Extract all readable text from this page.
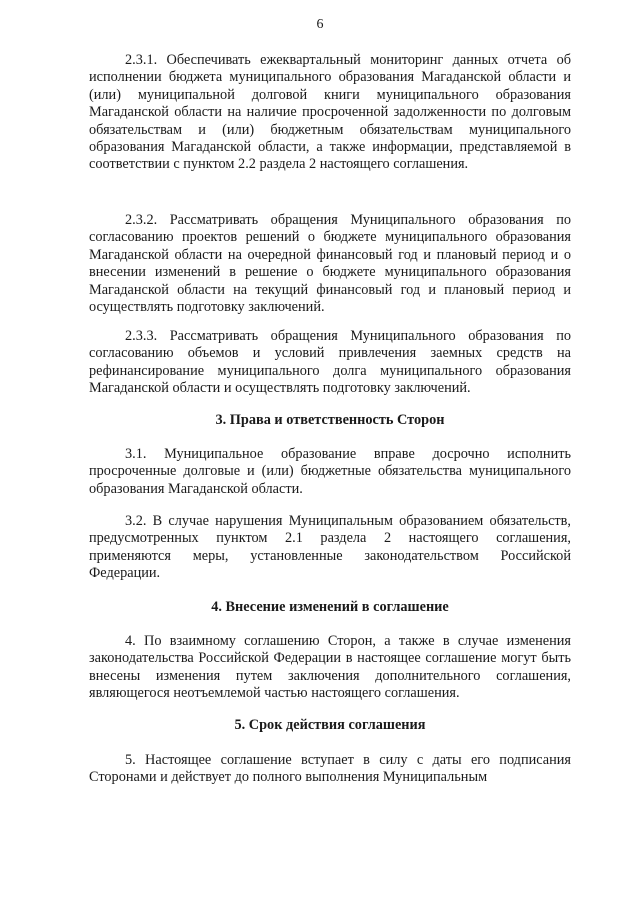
6

2.3.1. Обеспечивать ежеквартальный мониторинг данных отчета об исполнении бюджета муниципального образования Магаданской области и (или) муниципальной долговой книги муниципального образования Магаданской области на наличие просроченной задолженности по долговым обязательствам и (или) бюджетным обязательствам муниципального образования Магаданской области, а также информации, представляемой в соответствии с пунктом 2.2 раздела 2 настоящего соглашения.

2.3.2. Рассматривать обращения Муниципального образования по согласованию проектов решений о бюджете муниципального образования Магаданской области на очередной финансовый год и плановый период и о внесении изменений в решение о бюджете муниципального образования Магаданской области на текущий финансовый год и плановый период и осуществлять подготовку заключений.

2.3.3. Рассматривать обращения Муниципального образования по согласованию объемов и условий привлечения заемных средств на рефинансирование муниципального долга муниципального образования Магаданской области и осуществлять подготовку заключений.

3. Права и ответственность Сторон

3.1. Муниципальное образование вправе досрочно исполнить просроченные долговые и (или) бюджетные обязательства муниципального образования Магаданской области.

3.2. В случае нарушения Муниципальным образованием обязательств, предусмотренных пунктом 2.1 раздела 2 настоящего соглашения, применяются меры, установленные законодательством Российской Федерации.

4. Внесение изменений в соглашение

4. По взаимному соглашению Сторон, а также в случае изменения законодательства Российской Федерации в настоящее соглашение могут быть внесены изменения путем заключения дополнительного соглашения, являющегося неотъемлемой частью настоящего соглашения.

5. Срок действия соглашения

5. Настоящее соглашение вступает в силу с даты его подписания Сторонами и действует до полного выполнения Муниципальным
